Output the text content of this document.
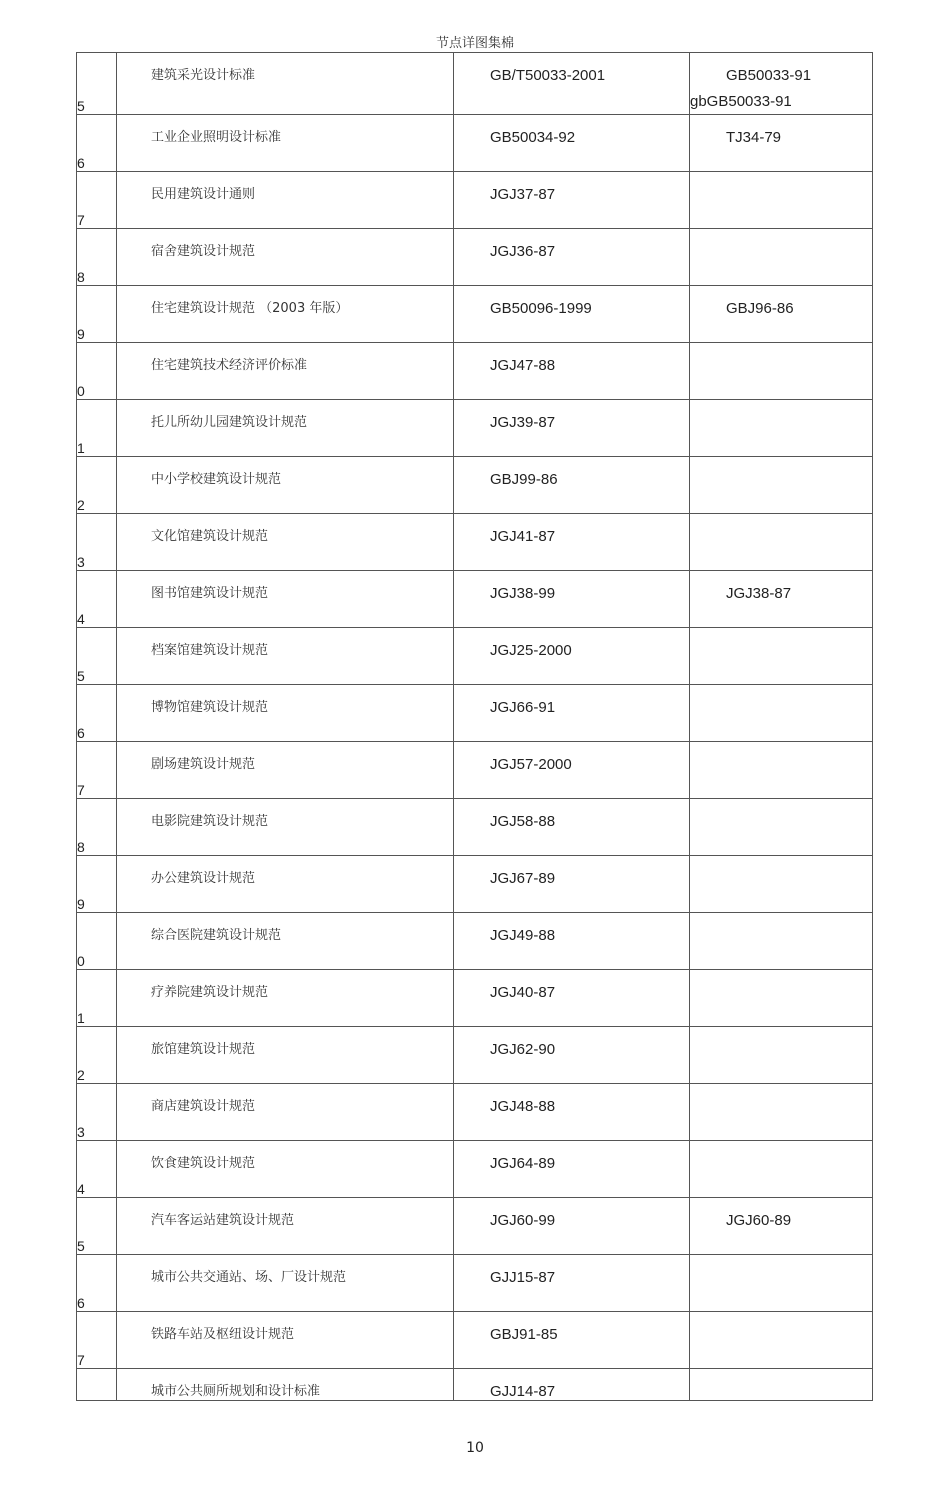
节点详图集棉
5	建筑采光设计标准	GB/T50033-2001	GB50033-91
gbGB50033-91

6	工业企业照明设计标准	GB50034-92	TJ34-79

7	民用建筑设计通则	JGJ37-87	

8	宿舍建筑设计规范	JGJ36-87	

9	住宅建筑设计规范 （2003 年版）	GB50096-1999	GBJ96-86

0	住宅建筑技术经济评价标准	JGJ47-88	

1	托儿所幼儿园建筑设计规范	JGJ39-87	

2	中小学校建筑设计规范	GBJ99-86	

3	文化馆建筑设计规范	JGJ41-87	

4	图书馆建筑设计规范	JGJ38-99	JGJ38-87

5	档案馆建筑设计规范	JGJ25-2000	

6	博物馆建筑设计规范	JGJ66-91	

7	剧场建筑设计规范	JGJ57-2000	

8	电影院建筑设计规范	JGJ58-88	

9	办公建筑设计规范	JGJ67-89	

0	综合医院建筑设计规范	JGJ49-88	

1	疗养院建筑设计规范	JGJ40-87	

2	旅馆建筑设计规范	JGJ62-90	

3	商店建筑设计规范	JGJ48-88	

4	饮食建筑设计规范	JGJ64-89	

5	汽车客运站建筑设计规范	JGJ60-99	JGJ60-89

6	城市公共交通站、场、厂设计规范	GJJ15-87	

7	铁路车站及枢纽设计规范	GBJ91-85	

	城市公共厕所规划和设计标准	GJJ14-87	

10
